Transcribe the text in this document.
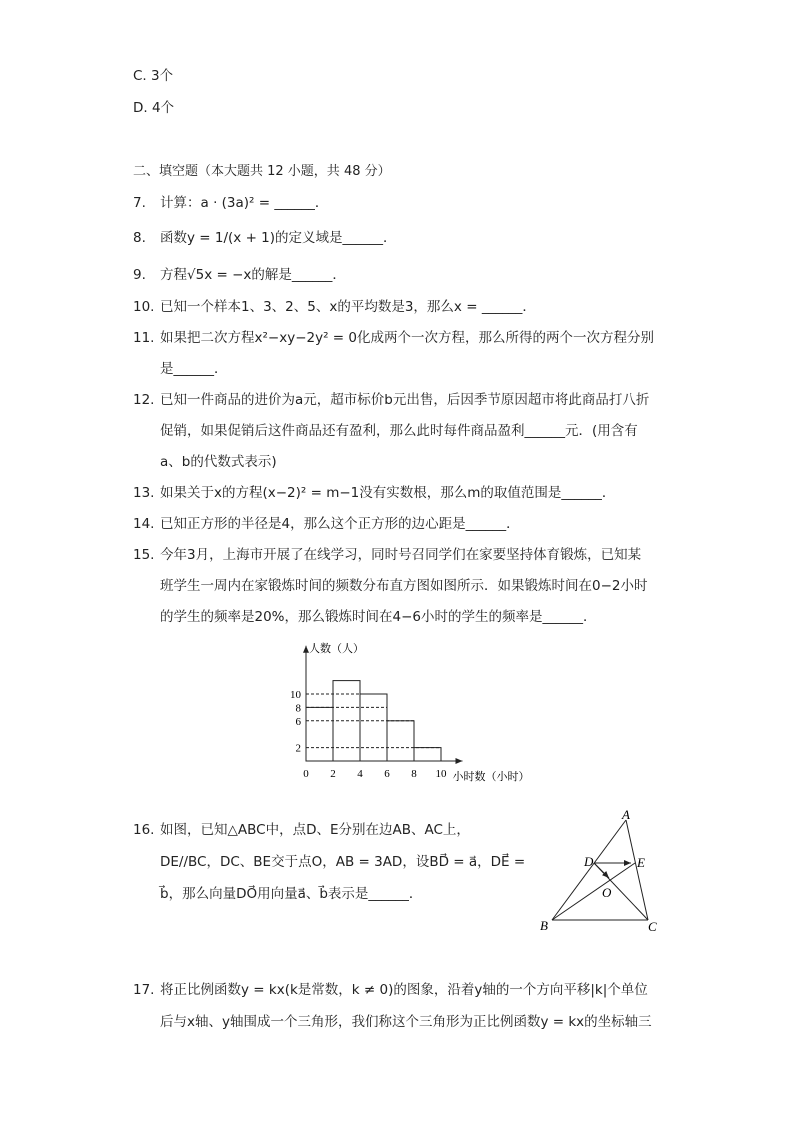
C. 3个
D. 4个
二、填空题（本大题共 12 小题，共 48 分）
7. 计算：a · (3a)² = ______．
8. 函数y = 1/(x + 1)的定义域是______．
9. 方程√5x = −x的解是______．
10. 已知一个样本1、3、2、5、x的平均数是3，那么x = ______．
11. 如果把二次方程x²−xy−2y² = 0化成两个一次方程，那么所得的两个一次方程分别
是______．
12. 已知一件商品的进价为a元，超市标价b元出售，后因季节原因超市将此商品打八折
促销，如果促销后这件商品还有盈利，那么此时每件商品盈利______元．(用含有
a、b的代数式表示)
13. 如果关于x的方程(x−2)² = m−1没有实数根，那么m的取值范围是______．
14. 已知正方形的半径是4，那么这个正方形的边心距是______．
15. 今年3月，上海市开展了在线学习，同时号召同学们在家要坚持体育锻炼，已知某
班学生一周内在家锻炼时间的频数分布直方图如图所示．如果锻炼时间在0−2小时
的学生的频率是20%，那么锻炼时间在4−6小时的学生的频率是______．
2
6
8
10
0 2 4 6 8 10
人数（人）
小时数（小时）
16. 如图，已知△ABC中，点D、E分别在边AB、AC上，
DE//BC，DC、BE交于点O，AB = 3AD，设BD⃗ = a⃗，DE⃗ =
b⃗，那么向量DO⃗用向量a⃗、b⃗表示是______．
A
B	C
D	E
O
17. 将正比例函数y = kx(k是常数，k ≠ 0)的图象，沿着y轴的一个方向平移|k|个单位
后与x轴、y轴围成一个三角形，我们称这个三角形为正比例函数y = kx的坐标轴三
